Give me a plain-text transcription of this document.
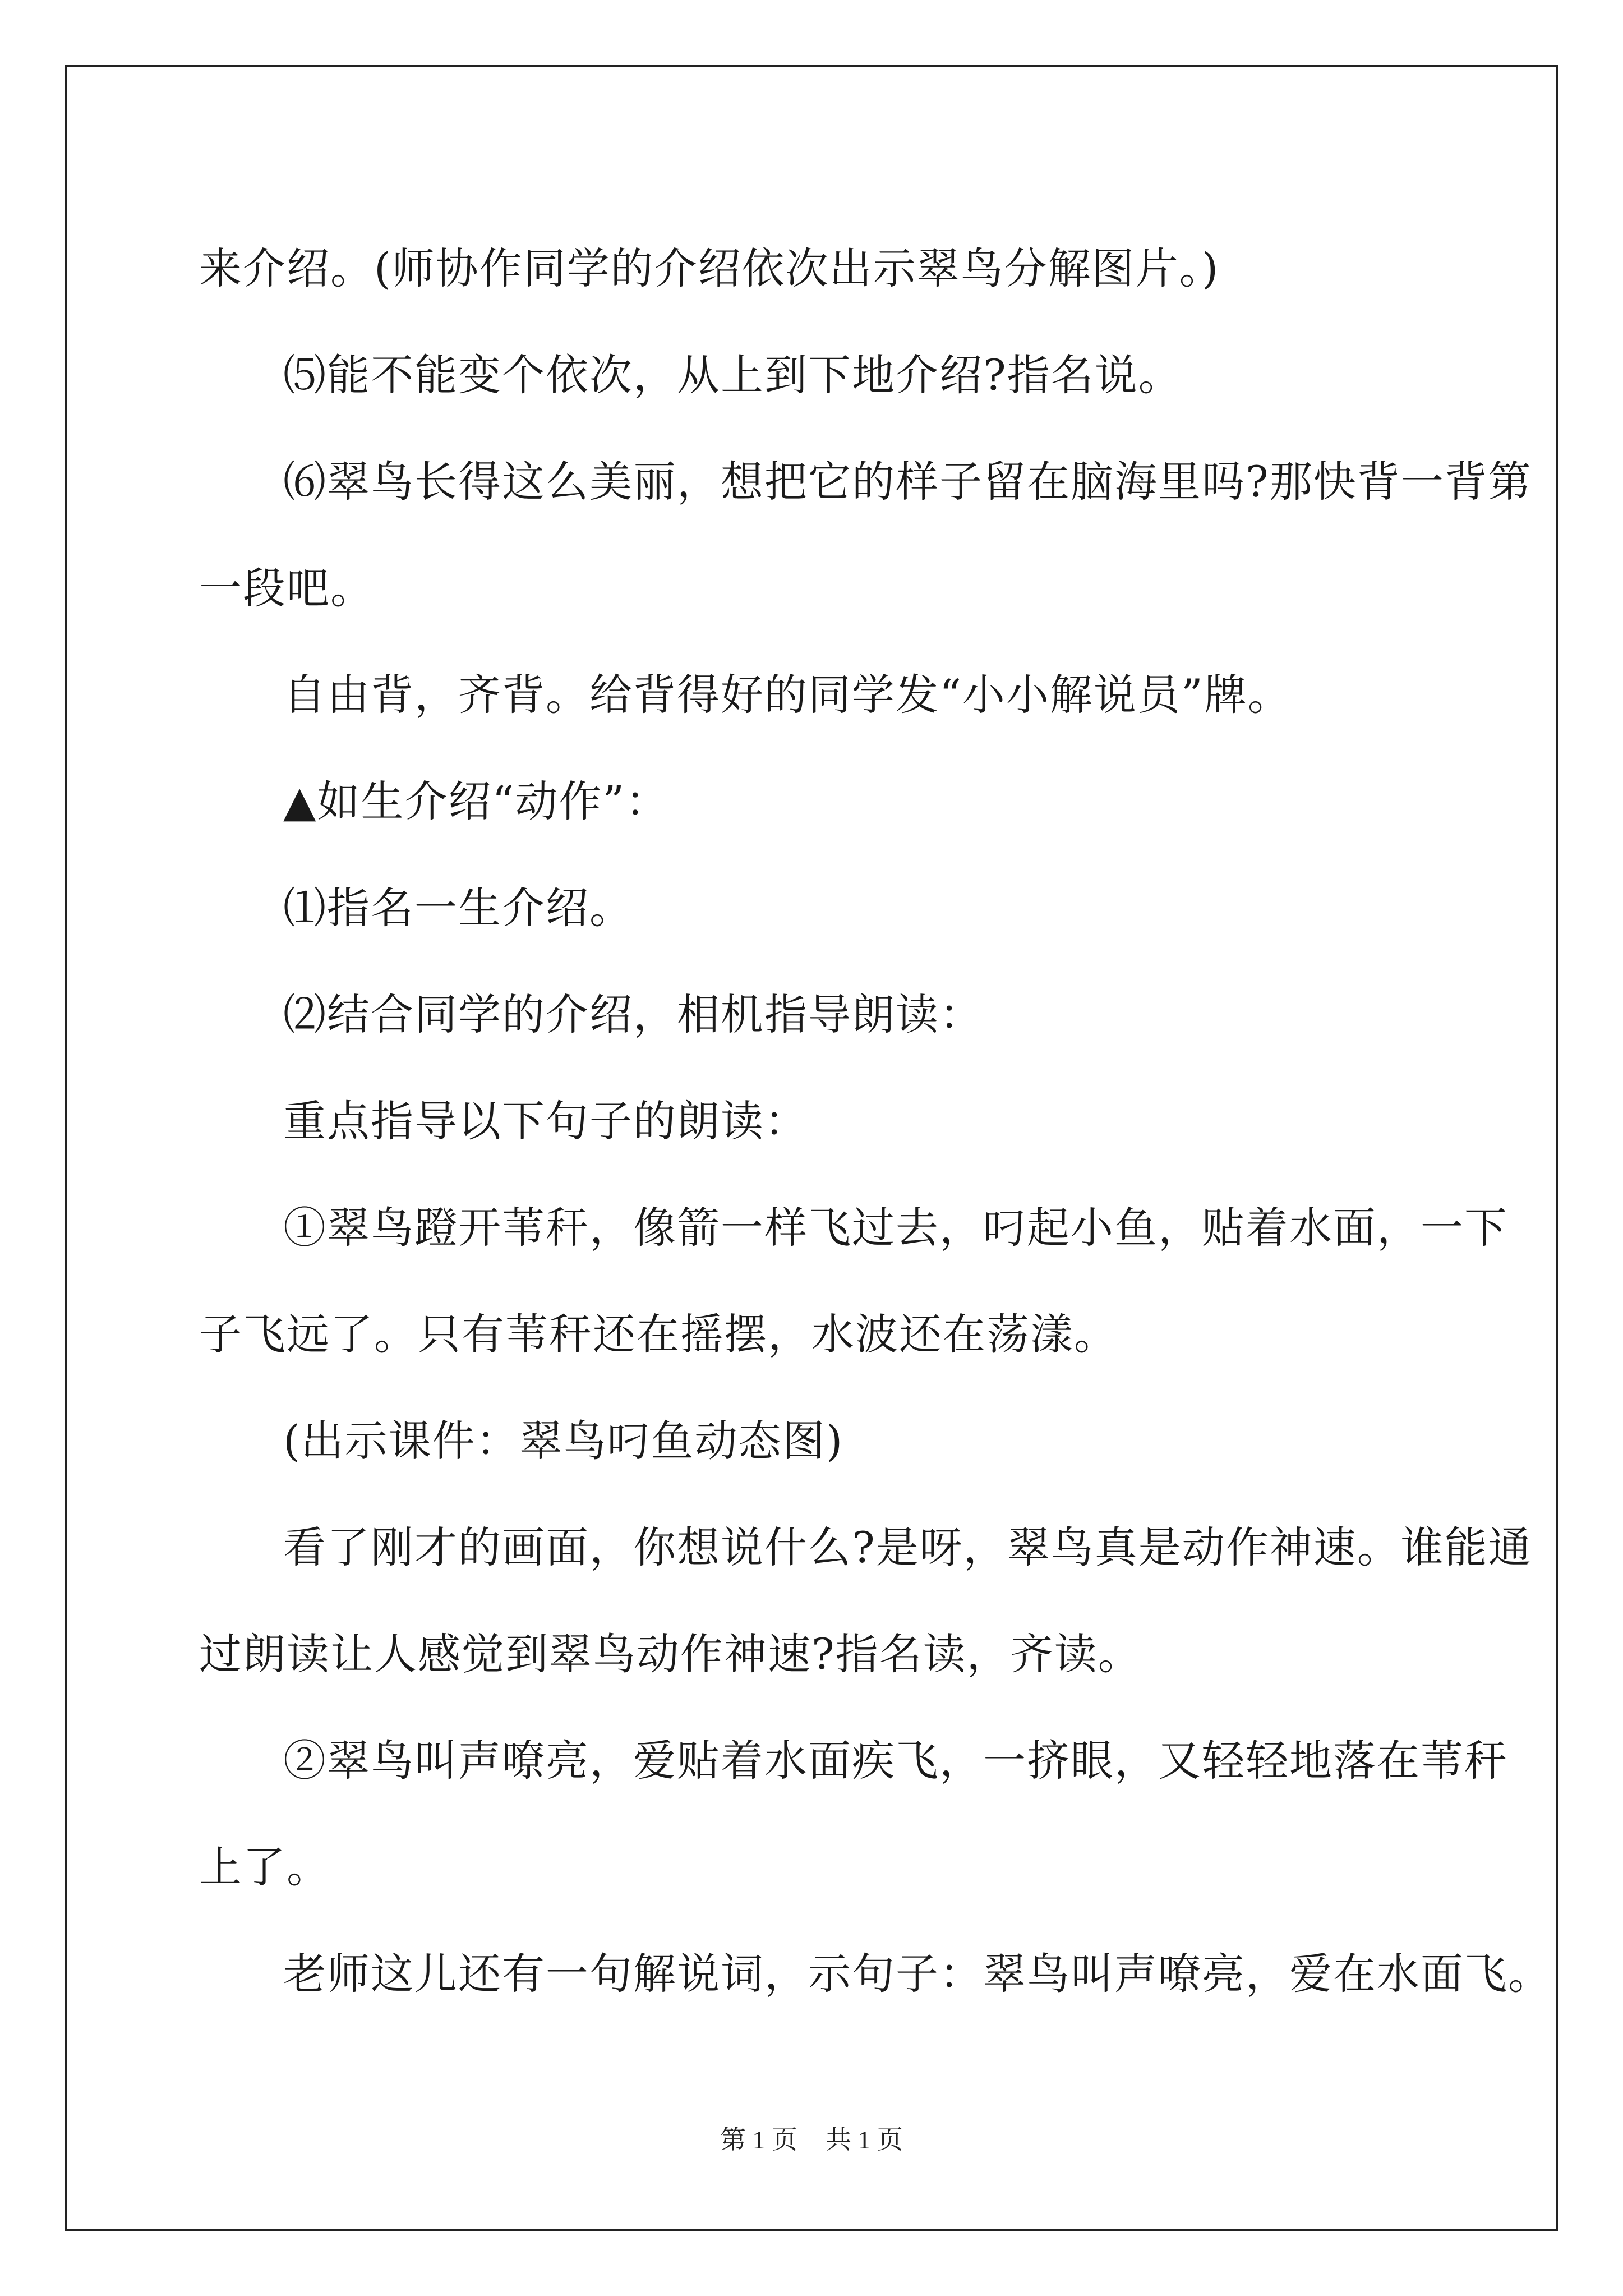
来介绍。(师协作同学的介绍依次出示翠鸟分解图片。)

⑸能不能变个依次，从上到下地介绍?指名说。

⑹翠鸟长得这么美丽，想把它的样子留在脑海里吗?那快背一背第

一段吧。

自由背，齐背。给背得好的同学发“小小解说员”牌。

▲如生介绍“动作”：

⑴指名一生介绍。

⑵结合同学的介绍，相机指导朗读：

重点指导以下句子的朗读：

①翠鸟蹬开苇秆，像箭一样飞过去，叼起小鱼，贴着水面，一下

子飞远了。只有苇秆还在摇摆，水波还在荡漾。

(出示课件：翠鸟叼鱼动态图)

看了刚才的画面，你想说什么?是呀，翠鸟真是动作神速。谁能通

过朗读让人感觉到翠鸟动作神速?指名读，齐读。

②翠鸟叫声嘹亮，爱贴着水面疾飞，一挤眼，又轻轻地落在苇秆

上了。

老师这儿还有一句解说词，示句子：翠鸟叫声嘹亮，爱在水面飞。

第 1 页 共 1 页
